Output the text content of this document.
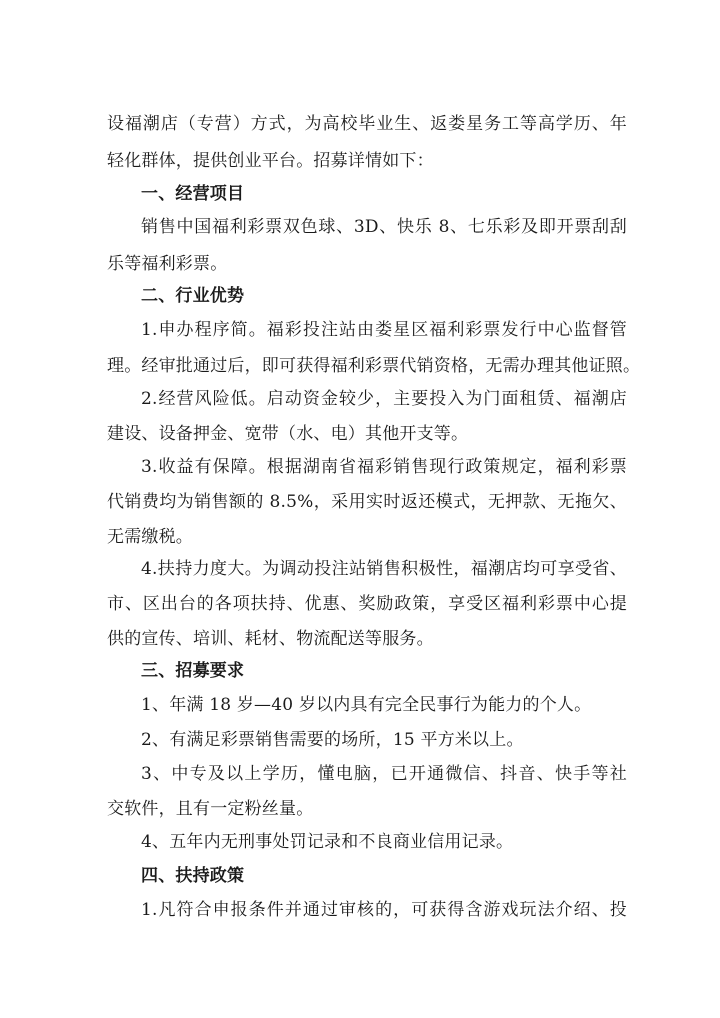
设福潮店（专营）方式，为高校毕业生、返娄星务工等高学历、年
轻化群体，提供创业平台。招募详情如下：
一、经营项目
销售中国福利彩票双色球、3D、快乐 8、七乐彩及即开票刮刮
乐等福利彩票。
二、行业优势
1.申办程序简。福彩投注站由娄星区福利彩票发行中心监督管
理。经审批通过后，即可获得福利彩票代销资格，无需办理其他证照。
2.经营风险低。启动资金较少，主要投入为门面租赁、福潮店
建设、设备押金、宽带（水、电）其他开支等。
3.收益有保障。根据湖南省福彩销售现行政策规定，福利彩票
代销费均为销售额的 8.5%，采用实时返还模式，无押款、无拖欠、
无需缴税。
4.扶持力度大。为调动投注站销售积极性，福潮店均可享受省、
市、区出台的各项扶持、优惠、奖励政策，享受区福利彩票中心提
供的宣传、培训、耗材、物流配送等服务。
三、招募要求
1、年满 18 岁—40 岁以内具有完全民事行为能力的个人。
2、有满足彩票销售需要的场所，15 平方米以上。
3、中专及以上学历，懂电脑，已开通微信、抖音、快手等社
交软件，且有一定粉丝量。
4、五年内无刑事处罚记录和不良商业信用记录。
四、扶持政策
1.凡符合申报条件并通过审核的，可获得含游戏玩法介绍、投
